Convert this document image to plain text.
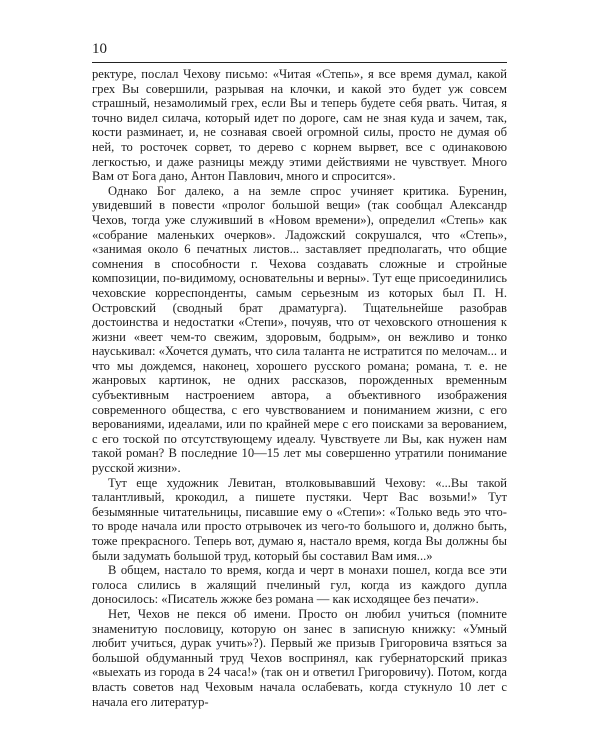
10

ректуре, послал Чехову письмо: «Читая «Степь», я все время думал, какой грех Вы совершили, разрывая на клочки, и какой это будет уж совсем страшный, незамолимый грех, если Вы и теперь будете себя рвать. Читая, я точно видел силача, который идет по дороге, сам не зная куда и зачем, так, кости разминает, и, не сознавая своей огромной силы, просто не думая об ней, то росточек сорвет, то дерево с корнем вырвет, все с одинаковою легкостью, и даже разницы между этими действиями не чувствует. Много Вам от Бога дано, Антон Павлович, много и спросится».

Однако Бог далеко, а на земле спрос учиняет критика. Буренин, увидевший в повести «пролог большой вещи» (так сообщал Александр Чехов, тогда уже служивший в «Новом времени»), определил «Степь» как «собрание маленьких очерков». Ладожский сокрушался, что «Степь», «занимая около 6 печатных листов... заставляет предполагать, что общие сомнения в способности г. Чехова создавать сложные и стройные композиции, по-видимому, основательны и верны». Тут еще присоединились чеховские корреспонденты, самым серьезным из которых был П. Н. Островский (сводный брат драматурга). Тщательнейше разобрав достоинства и недостатки «Степи», почуяв, что от чеховского отношения к жизни «веет чем-то свежим, здоровым, бодрым», он вежливо и тонко науськивал: «Хочется думать, что сила таланта не истратится по мелочам... и что мы дождемся, наконец, хорошего русского романа; романа, т. е. не жанровых картинок, не одних рассказов, порожденных временным субъективным настроением автора, а объективного изображения современного общества, с его чувствованием и пониманием жизни, с его верованиями, идеалами, или по крайней мере с его поисками за верованием, с его тоской по отсутствующему идеалу. Чувствуете ли Вы, как нужен нам такой роман? В последние 10—15 лет мы совершенно утратили понимание русской жизни».

Тут еще художник Левитан, втолковывавший Чехову: «...Вы такой талантливый, крокодил, а пишете пустяки. Черт Вас возьми!» Тут безымянные читательницы, писавшие ему о «Степи»: «Только ведь это что-то вроде начала или просто отрывочек из чего-то большого и, должно быть, тоже прекрасного. Теперь вот, думаю я, настало время, когда Вы должны бы были задумать большой труд, который бы составил Вам имя...»

В общем, настало то время, когда и черт в монахи пошел, когда все эти голоса слились в жалящий пчелиный гул, когда из каждого дупла доносилось: «Писатель жжже без романа — как исходящее без печати».

Нет, Чехов не пекся об имени. Просто он любил учиться (помните знаменитую пословицу, которую он занес в записную книжку: «Умный любит учиться, дурак учить»?). Первый же призыв Григоровича взяться за большой обдуманный труд Чехов воспринял, как губернаторский приказ «выехать из города в 24 часа!» (так он и ответил Григоровичу). Потом, когда власть советов над Чеховым начала ослабевать, когда стукнуло 10 лет с начала его литератур-
